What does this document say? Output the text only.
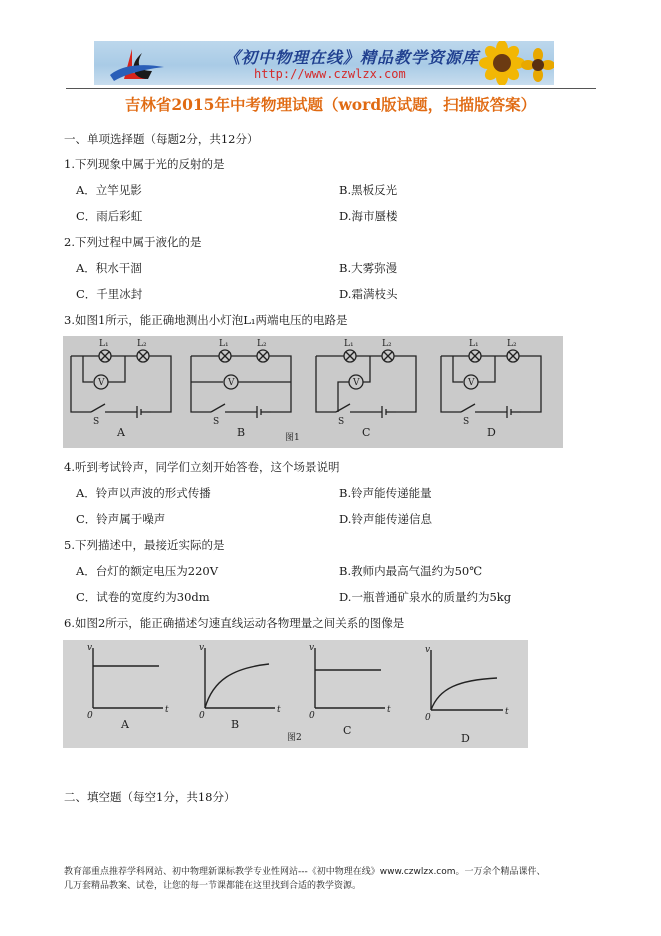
《初中物理在线》精品教学资源库
http://www.czwlzx.com
吉林省2015年中考物理试题（word版试题，扫描版答案）
一、单项选择题（每题2分，共12分）
1.下列现象中属于光的反射的是
A．立竿见影	B.黑板反光
C．雨后彩虹	D.海市蜃楼
2.下列过程中属于液化的是
A．积水干涸	B.大雾弥漫
C．千里冰封	D.霜满枝头
3.如图1所示，能正确地测出小灯泡L₁两端电压的电路是
L₁	L₂
V
S
L₁	L₂
V
S
L₁	L₂
V
S
L₁	L₂
V
S
A	B	C	D
图1
4.听到考试铃声，同学们立刻开始答卷，这个场景说明
A．铃声以声波的形式传播	B.铃声能传递能量
C．铃声属于噪声	D.铃声能传递信息
5.下列描述中，最接近实际的是
A．台灯的额定电压为220V	B.教师内最高气温约为50℃
C．试卷的宽度约为30dm	D.一瓶普通矿泉水的质量约为5kg
6.如图2所示，能正确描述匀速直线运动各物理量之间关系的图像是
v
t
0
v
t
0
v
t
0
v
t
0
A	B	C
D
图2
二、填空题（每空1分，共18分）
教育部重点推荐学科网站、初中物理新课标教学专业性网站---《初中物理在线》www.czwlzx.com。一万余个精品课件、
几万套精品教案、试卷，让您的每一节课都能在这里找到合适的教学资源。
